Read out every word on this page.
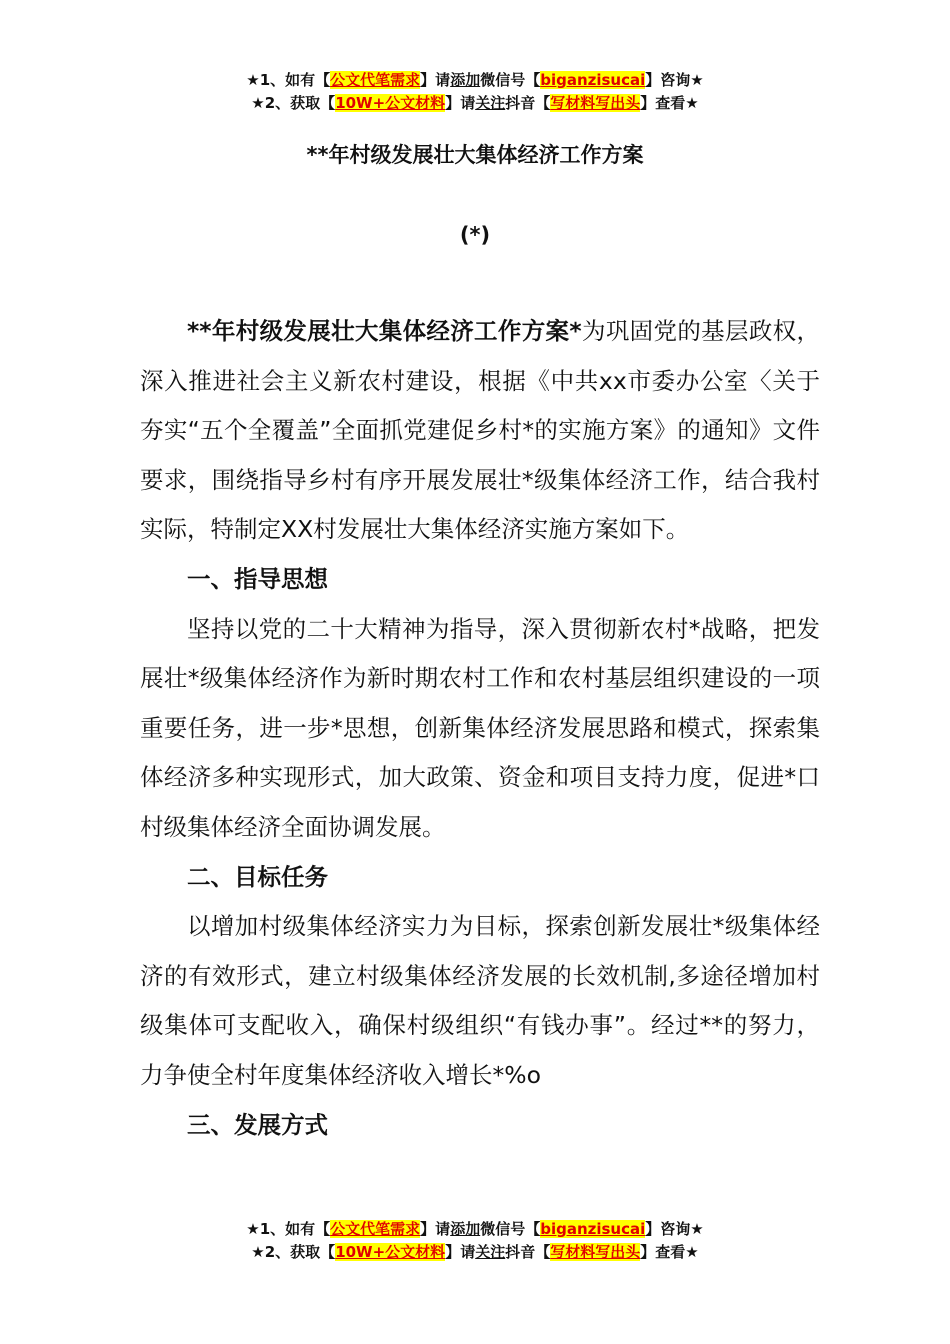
★1、如有【公文代笔需求】请添加微信号【biganzisucai】咨询★
★2、获取【10W+公文材料】请关注抖音【写材料写出头】查看★
**年村级发展壮大集体经济工作方案
(*)

**年村级发展壮大集体经济工作方案*为巩固党的基层政权，深入推进社会主义新农村建设，根据《中共xx市委办公室〈关于夯实“五个全覆盖”全面抓党建促乡村*的实施方案》的通知》文件要求，围绕指导乡村有序开展发展壮*级集体经济工作，结合我村实际，特制定XX村发展壮大集体经济实施方案如下。

一、指导思想

坚持以党的二十大精神为指导，深入贯彻新农村*战略，把发展壮*级集体经济作为新时期农村工作和农村基层组织建设的一项重要任务，进一步*思想，创新集体经济发展思路和模式，探索集体经济多种实现形式，加大政策、资金和项目支持力度，促进*口村级集体经济全面协调发展。

二、目标任务

以增加村级集体经济实力为目标，探索创新发展壮*级集体经济的有效形式，建立村级集体经济发展的长效机制,多途径增加村级集体可支配收入，确保村级组织“有钱办事”。经过**的努力，力争使全村年度集体经济收入增长*%o

三、发展方式

★1、如有【公文代笔需求】请添加微信号【biganzisucai】咨询★
★2、获取【10W+公文材料】请关注抖音【写材料写出头】查看★
